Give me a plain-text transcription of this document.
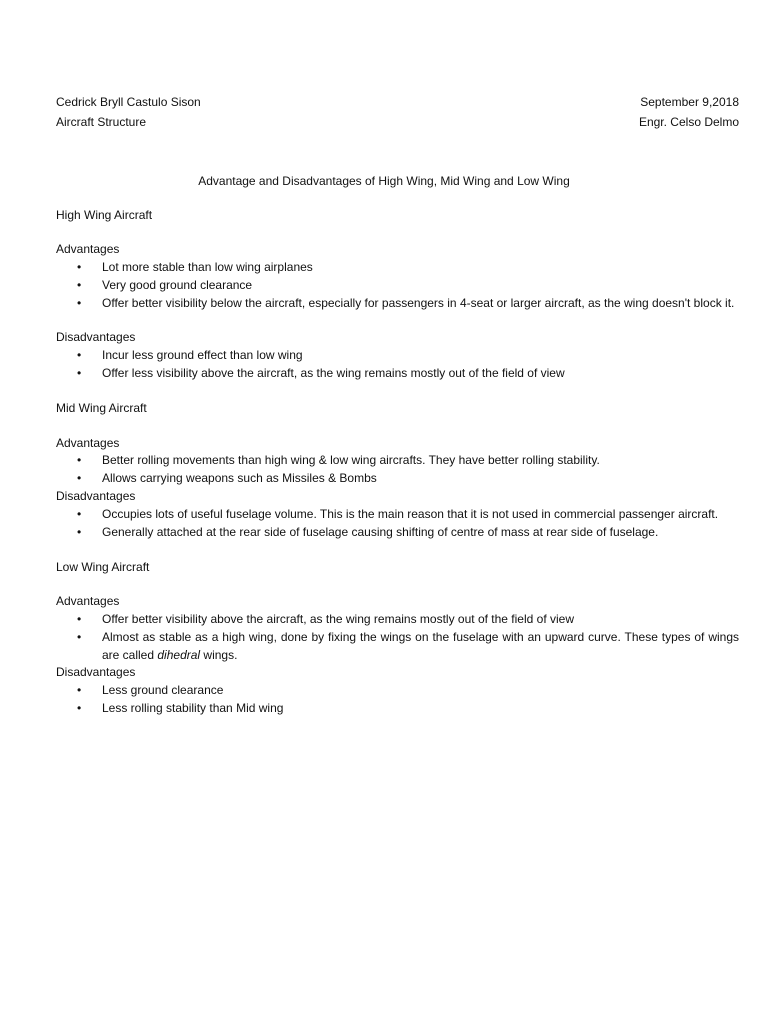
Cedrick Bryll Castulo Sison	September 9,2018
Aircraft Structure	Engr. Celso Delmo
Advantage and Disadvantages of High Wing, Mid Wing and Low Wing
High Wing Aircraft
Advantages
• Lot more stable than low wing airplanes
• Very good ground clearance
• Offer better visibility below the aircraft, especially for passengers in 4-seat or larger aircraft, as the wing doesn't block it.
Disadvantages
• Incur less ground effect than low wing
• Offer less visibility above the aircraft, as the wing remains mostly out of the field of view
Mid Wing Aircraft
Advantages
• Better rolling movements than high wing & low wing aircrafts. They have better rolling stability.
• Allows carrying weapons such as Missiles & Bombs
Disadvantages
• Occupies lots of useful fuselage volume. This is the main reason that it is not used in commercial passenger aircraft.
• Generally attached at the rear side of fuselage causing shifting of centre of mass at rear side of fuselage.
Low Wing Aircraft
Advantages
• Offer better visibility above the aircraft, as the wing remains mostly out of the field of view
• Almost as stable as a high wing, done by fixing the wings on the fuselage with an upward curve. These types of wings are called dihedral wings.
Disadvantages
• Less ground clearance
• Less rolling stability than Mid wing
